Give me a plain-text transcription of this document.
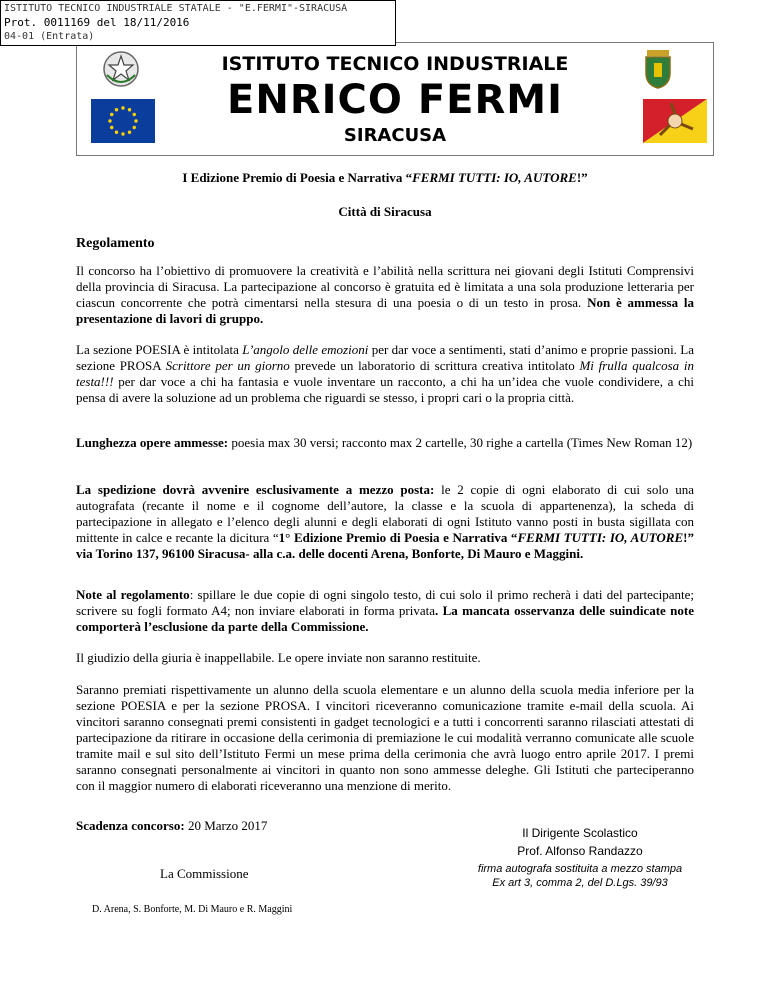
ISTITUTO TECNICO INDUSTRIALE STATALE - "E.FERMI"-SIRACUSA
Prot. 0011169 del 18/11/2016
04-01 (Entrata)
ISTITUTO TECNICO INDUSTRIALE
ENRICO FERMI
SIRACUSA
I Edizione Premio di Poesia e Narrativa “FERMI TUTTI: IO, AUTORE!”
Città di Siracusa
Regolamento
Il concorso ha l’obiettivo di promuovere la creatività e l’abilità nella scrittura nei giovani degli Istituti Comprensivi della provincia di Siracusa. La partecipazione al concorso è gratuita ed è limitata a una sola produzione letteraria per ciascun concorrente che potrà cimentarsi nella stesura di una poesia o di un testo in prosa. Non è ammessa la presentazione di lavori di gruppo.
La sezione POESIA è intitolata L’angolo delle emozioni per dar voce a sentimenti, stati d’animo e proprie passioni. La sezione PROSA Scrittore per un giorno prevede un laboratorio di scrittura creativa intitolato Mi frulla qualcosa in testa!!! per dar voce a chi ha fantasia e vuole inventare un racconto, a chi ha un’idea che vuole condividere, a chi pensa di avere la soluzione ad un problema che riguardi se stesso, i propri cari o la propria città.
Lunghezza opere ammesse: poesia max 30 versi; racconto max 2 cartelle, 30 righe a cartella (Times New Roman 12)
La spedizione dovrà avvenire esclusivamente a mezzo posta: le 2 copie di ogni elaborato di cui solo una autografata (recante il nome e il cognome dell’autore, la classe e la scuola di appartenenza), la scheda di partecipazione in allegato e l’elenco degli alunni e degli elaborati di ogni Istituto vanno posti in busta sigillata con mittente in calce e recante la dicitura “1° Edizione Premio di Poesia e Narrativa “FERMI TUTTI: IO, AUTORE!” via Torino 137, 96100 Siracusa- alla c.a. delle docenti Arena, Bonforte, Di Mauro e Maggini.
Note al regolamento: spillare le due copie di ogni singolo testo, di cui solo il primo recherà i dati del partecipante; scrivere su fogli formato A4; non inviare elaborati in forma privata. La mancata osservanza delle suindicate note comporterà l’esclusione da parte della Commissione.
Il giudizio della giuria è inappellabile. Le opere inviate non saranno restituite.
Saranno premiati rispettivamente un alunno della scuola elementare e un alunno della scuola media inferiore per la sezione POESIA e per la sezione PROSA. I vincitori riceveranno comunicazione tramite e-mail della scuola. Ai vincitori saranno consegnati premi consistenti in gadget tecnologici e a tutti i concorrenti saranno rilasciati attestati di partecipazione da ritirare in occasione della cerimonia di premiazione le cui modalità verranno comunicate alle scuole tramite mail e sul sito dell’Istituto Fermi un mese prima della cerimonia che avrà luogo entro aprile 2017. I premi saranno consegnati personalmente ai vincitori in quanto non sono ammesse deleghe. Gli Istituti che parteciperanno con il maggior numero di elaborati riceveranno una menzione di merito.
Scadenza concorso: 20 Marzo 2017	Il Dirigente Scolastico
Prof. Alfonso Randazzo
firma autografa sostituita a mezzo stampa
Ex art 3, comma 2, del D.Lgs. 39/93
La Commissione
D. Arena, S. Bonforte, M. Di Mauro e R. Maggini
